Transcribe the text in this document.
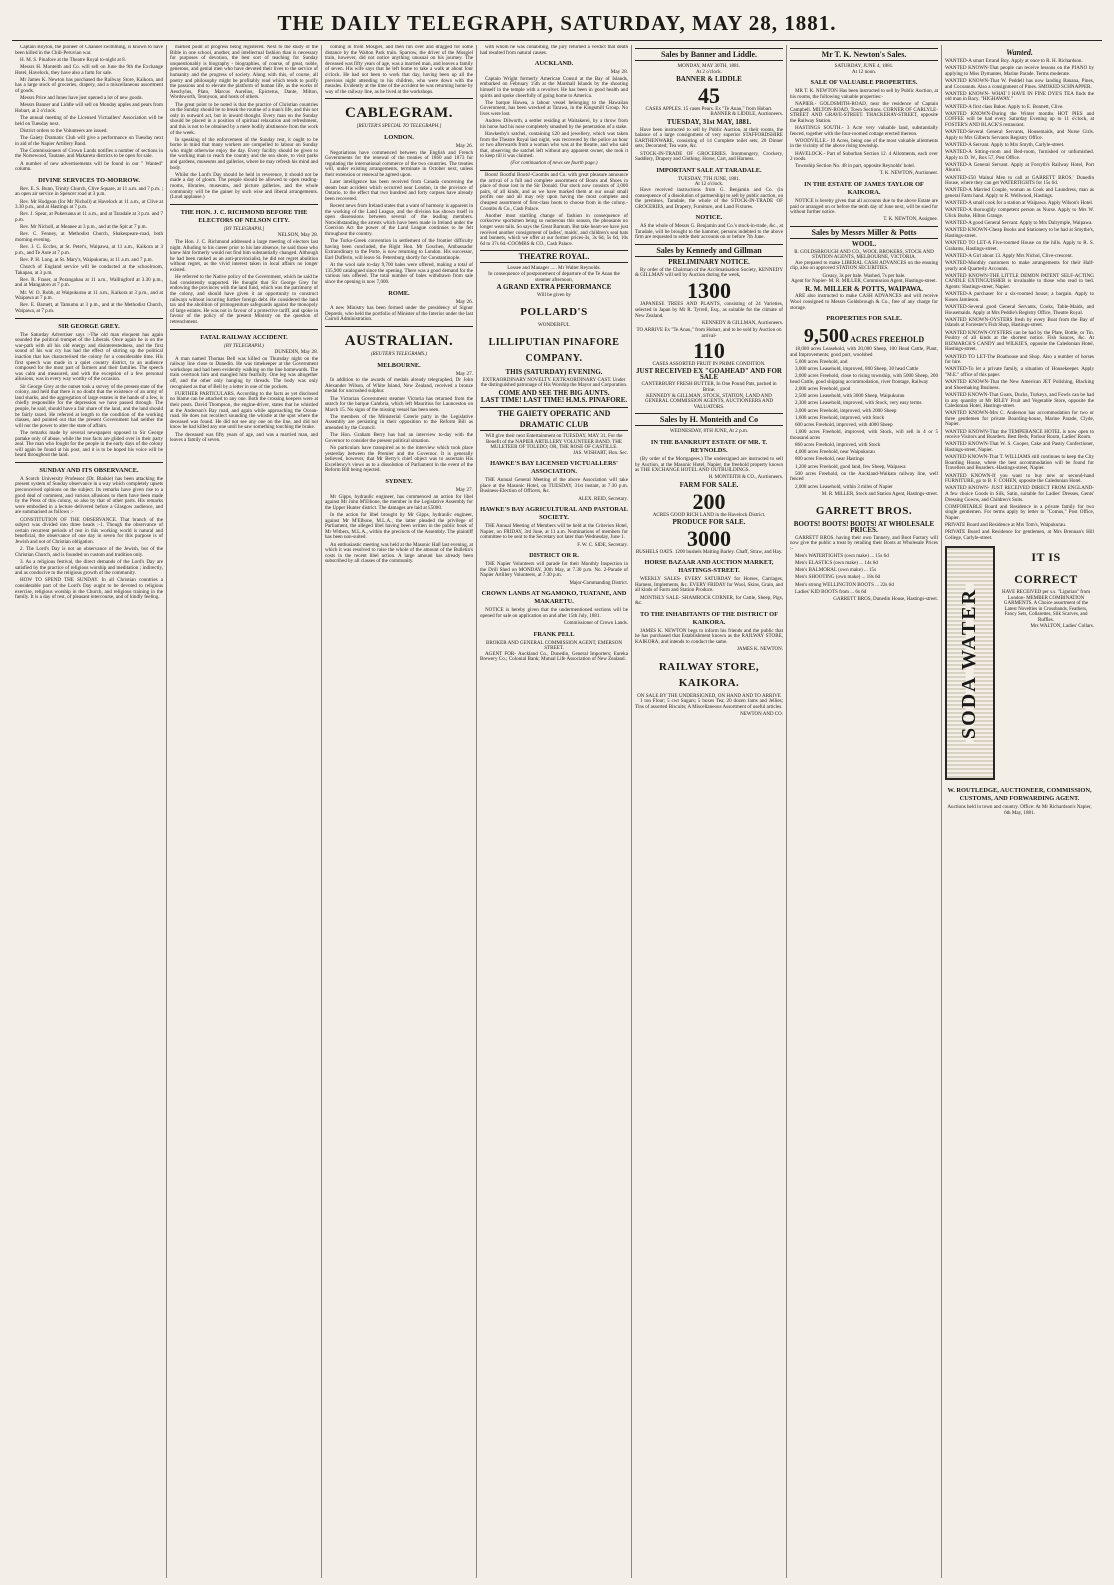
THE DAILY TELEGRAPH, SATURDAY, MAY 28, 1881.

Captain Boyton, the pioneer of Channel swimming, is known to have been killed in the Chili-Peruvian war.

H. M. S. Pinafore at the Theatre Royal to-night at 8.

Messrs H. Monteith and Co. will sell on June the 9th the Exchange Hotel, Havelock, they have also a farm for sale.

Mr James K. Newton has purchased the Railway Store, Kaikora, and has a large stock of groceries, drapery, and a miscellaneous assortment of goods.

Messrs Price and Innes have just opened a lot of new goods.

Messrs Banner and Liddle will sell on Monday apples and pears from Hobart, at 2 o'clock.

The annual meeting of the Licensed Victuallers' Association will be held on Tuesday next.

District orders to the Volunteers are issued.

The Gaiety Dramatic Club will give a performance on Tuesday next in aid of the Napier Artillery Band.

The Commissioners of Crown Lands notifies a number of sections in the Norsewood, Tautane, and Makaretu districts to be open for sale.

A number of new advertisements will be found in our " Wanted" column.

DIVINE SERVICES TO-MORROW.

Rev. E. S. Bunn, Trinity Church, Clive Square, at 11 a.m. and 7 p.m. ; an open air service in Spencer road at 3 p.m.

Rev. Mr Hodgson (for Mr Nicholl) at Havelock at 11 a.m., at Clive at 3.30 p.m., and at Hastings at 7 p.m.

Rev. J. Spear, at Pukeruana at 11 a.m., and at Taradale at 3 p.m. and 7 p.m.

Rev. Mr Nicholl, at Meanee at 3 p.m., and at the Spit at 7 p.m.

Rev. C. Fenney, at Methodist Church, Shakespeare-road, both morning evening.

Rev. J. C. Eccles, at St. Peter's, Waipawa, at 11 a.m., Kaikora at 3 p.m., and Te Aute at 7 p.m.

Rev. P. H. Long, at St. Mary's, Waipukurau, at 11 a.m. and 7 p.m.

Church of England service will be conducted at the schoolroom, Takapau, at 3 p.m.

Rev. R. Fraser, at Porangahau at 11 a.m., Wallingford at 3.30 p.m., and at Mangatoro at 7 p.m.

Mr. W. O. Robb, at Waipukurau at 11 a.m., Kaikora at 3 p.m., and at Waipawa at 7 p.m.

Rev. E. Barnett, at Tamumu at 3 p.m., and at the Methodist Church, Waipawa, at 7 p.m.

SIR GEORGE GREY.

The Saturday Advertiser says :-The old man eloquent has again sounded the political trumpet of the Liberals. Once again he is on the war-path with all his old energy and disinterestedness, and the first sound of his war cry has had the effect of stirring up the political inaction that has characterised the colony for a considerable time. His first speech was made in a quiet country district, to an audience composed for the most part of farmers and their families. The speech was calm and measured, and with the exception of a few personal allusions, was in every way worthy of the occasion.

Sir George Grey at the outset took a survey of the present state of the colony, and held that there is no doubt that the existence of an army of land sharks, and the aggregation of large estates in the hands of a few, is chiefly responsible for the depression we have passed through. The people, he said, should have a fair share of the land, and the land should be fairly taxed. He referred at length to the condition of the working classes, and pointed out that the present Government had neither the will nor the power to alter the state of affairs.

The remarks made by several newspapers opposed to Sir George partake only of abuse, while the true facts are glided over in their party zeal. The man who fought for the people in the early days of the colony will again be found at his post, and it is to be hoped his voice will be heard throughout the land.

SUNDAY AND ITS OBSERVANCE.

A Scotch University Professor (Dr. Blaikie) has been attacking the present system of Sunday observance in a way which completely upsets preconceived opinions on the subject. Its remarks have given rise to a good deal of comment, and various allusions to them have been made by the Press of this colony, so also by that of other parts. His remarks were embodied in a lecture delivered before a Glasgow audience, and are summarised as follows :-

CONSTITUTION OF THE OBSERVANCE. That branch of the subject was divided into three heads :-1. Though the observance of certain recurrent periods of rest in this working world is natural and beneficial, the observance of one day in seven for this purpose is of Jewish and not of Christian obligation.

2. The Lord's Day is not an observance of the Jewish, but of the Christian Church, and is founded on custom and tradition only.

3. As a religious festival, the direct demands of the Lord's Day are satisfied by the practice of religious worship and meditation ; indirectly, and as conducive to the religious growth of the community.

HOW TO SPEND THE SUNDAY. In all Christian countries a considerable part of the Lord's Day ought to be devoted to religious exercise, religious worship in the Church, and religious training in the family. It is a day of rest, of pleasant intercourse, and of kindly feeling.

marked point of progress being registered. Next to the study of the Bible in one school, another, and intellectual fashion than is necessary for purposes of devotion, the best sort of teaching for Sunday unquestionably is biography - biographies, of course, of great, noble, generous, and genial men who have devoted their lives to the service of humanity and the progress of society. Along with this, of course, all poetry and philosophy might be profitably read which tends to purify the passions and to elevate the platform of human life, as the works of Aeschylus, Plato, Marcus Aurelius, Epictetus, Dante, Milton, Wordsworth, Tennyson, and hosts of others.

The great point to be noted is that the practice of Christian countries on the Sunday should be to break the routine of a man's life, and this not only in outward act, but in inward thought. Every man on the Sunday should be placed in a position of spiritual relaxation and refreshment, and this is not to be obtained by a mere bodily abstinence from the work of the week.

In speaking of the enforcement of the Sunday rest, it ought to be borne in mind that many workers are compelled to labour on Sunday who might otherwise enjoy the day. Every facility should be given to the working man to reach the country and the sea shore, to visit parks and gardens, museums and galleries, where he may refresh his mind and body.

Whilst the Lord's Day should be held in reverence, it should not be made a day of gloom. The people should be allowed to open reading-rooms, libraries, museums, and picture galleries, and the whole community will be the gainer by such wise and liberal arrangements. (Loud applause.)

THE HON. J. C. RICHMOND BEFORE THE ELECTORS OF NELSON CITY.
[BY TELEGRAPH.]
NELSON, May 28.

The Hon. J. C. Richmond addressed a large meeting of electors last night. Alluding to his career prior to his late absence, he said those who knew him formerly would not find him substantially changed. Although he had been ranked as an anti-provincialist, he did not regret abolition without regret, as the vivid interest taken in local affairs no longer existed.

He referred to the Native policy of the Government, which he said he had consistently supported. He thought that Sir George Grey for endowing the provinces with the land fund, which was the patrimony of the colony, and should have given it an opportunity to construct railways without incurring further foreign debt. He considered the land tax and the abolition of primogeniture safeguards against the monopoly of large estates. He was not in favour of a protective tariff, and spoke in favour of the policy of the present Ministry on the question of retrenchment.

FATAL RAILWAY ACCIDENT.
(BY TELEGRAPH.)
DUNEDIN, May 28.

A man named Thomas Bell was killed on Thursday night on the railway line close to Dunedin. He was timekeeper at the Government workshops and had been evidently walking on the line homewards. The train overtook him and mangled him fearfully. One leg was altogether off, and the other only hanging by threads. The body was only recognised as that of Bell by a letter in one of the pockets.

FURTHER PARTICULARS. According to the facts as yet disclosed no blame can be attached to any one. Both the crossing keepers were at their posts. David Thompson, the engine-driver, states that he whistled at the Anderson's Bay road, and again while approaching the Ocean-road. He does not recollect sounding the whistle at the spot where the deceased was found. He did not see any one on the line, and did not know he had killed any one until he saw something touching the brake.

The deceased was fifty years of age, and was a married man, and leaves a family of seven.

coming in from Mosgiel, and then run over and dragged for some distance by the Walton Park train. Sparrow, the driver of the Mosgiel train, however, did not notice anything unusual on his journey. The deceased was fifty years of age, was a married man, and leaves a family of seven. His wife says that he left home to take a walk at about four o'clock. He had not been to work that day, having been up all the previous night attending to his children, who were down with the measles. Evidently at the time of the accident he was returning home by way of the railway line, as he lived at the workshops.

CABLEGRAM.
[REUTER'S SPECIAL TO TELEGRAPH.]
LONDON.
May 26.

Negotiations have commenced between the English and French Governments for the renewal of the treaties of 1860 and 1873 for regulating the international commerce of the two countries. The treaties will, under existing arrangements, terminate in October next, unless their extension or renewal be agreed upon.

Later intelligence has been received from Canada concerning the steam boat accident which occurred near London, in the province of Ontario, to the effect that two hundred and forty corpses have already been recovered.

Recent news from Ireland states that a want of harmony is apparent in the working of the Land League, and the division has shown itself in open dissensions between several of the leading members. Notwithstanding the arrests which have been made in Ireland under the Coercion Act the power of the Land League continues to be felt throughout the country.

The Turko-Greek convention in settlement of the frontier difficulty having been concluded, the Right Hon. Mr Goschen, Ambassador Extraordinary to the Porte, is now returning to London. His successor, Earl Dufferin, will leave St. Petersburg shortly for Constantinople.

At the wool sale to-day 9,700 bales were offered, making a total of 135,900 catalogued since the opening. There was a good demand for the various lots offered. The total number of bales withdrawn from sale since the opening is now 7,000.

ROME.
May 26.

A new Ministry has been formed under the presidency of Signor Depretis, who held the portfolio of Minister of the Interior under the last Cairoli Administration.

AUSTRALIAN.
(REUTER'S TELEGRAMS.)
MELBOURNE.
May 27.

In addition to the awards of medals already telegraphed, Dr John Alexander Wilson, of White Island, New Zealand, received a bronze medal for uncrushed sulphur.

The Victorian Government steamer Victoria has returned from the search for the barque Cambria, which left Mauritius for Launceston on March 15. No signs of the missing vessel has been seen.

The members of the Ministerial Coterie party in the Legislative Assembly are persisting in their opposition to the Reform Bill as amended by the Council.

The Hon. Graham Berry has had an interview to-day with the Governor to consider the present political situation.

No particulars have transpired as to the interview which took place yesterday between the Premier and the Governor. It is generally believed, however, that Mr Berry's chief object was to ascertain His Excellency's views as to a dissolution of Parliament in the event of the Reform Bill being rejected.

SYDNEY.
May 27.

Mr Gipps, hydraulic engineer, has commenced an action for libel against Mr John M'Elhone, the member in the Legislative Assembly for the Upper Hunter district. The damages are laid at £5000.

In the action for libel brought by Mr Gipps, hydraulic engineer, against Mr M'Elhone, M.L.A., the latter pleaded the privilege of Parliament, the alleged libel having been written in the public book of Mr Withers, M.L.A., within the precincts of the Assembly. The plaintiff has been non-suited.

An enthusiastic meeting was held at the Masonic Hall last evening, at which it was resolved to raise the whole of the amount of the Bulletin's costs in the recent libel action. A large amount has already been subscribed by all classes of the community.

with whom he was cohabiting, the jury returned a verdict that death had resulted from natural causes.

AUCKLAND.
May 28.

Captain Wright formerly American Consul at the Bay of Islands, embarked on February 15th at the Marshall Islands by the shooting himself in the temple with a revolver. He has been in good health and spirits and spoke cheerfully of going home to America.

The barque Hawea, a labour vessel belonging to the Hawaiian Government, has been wrecked at Tarawa, in the Kingsmill Group. No lives were lost.

Andrew Dilworth, a settler residing at Waitakerei, by a throw from his horse had his nose completely smashed by the penetration of a stake.

Hawkesby's satchel, containing £20 and jewellery, which was taken from the Theatre Royal last night, was recovered by the police an hour or two afterwards from a woman who was at the theatre, and who said that, observing the satchel left without any apparent owner, she took it to keep till it was claimed.

(For continuation of news see fourth page.)

Boots! Bootful Boots!-Coombs and Co. with great pleasure announce the arrival of a full and complete assortment of Boots and Shoes in place of those lost in the Sir Donald. Our stock now consists of 3,000 pairs, of all kinds, and as we have marked them at our usual small profits one and all may rely upon having the most complete and cheapest assortment of first-class boots to choose from in the colony.-Coombs & Co., Cash Palace.

Another most startling change of fashion in consequence of corkscrew sportsmen being so numerous this season, the pheasants no longer wear tails. So says the Great Barnum. But take heart-we have just received another consignment of ladies', maids', and children's seal hats and bonnets, which we offer at our former prices-3s, 3s 6d, 5s 6d, 10s 6d to 37s 6d.-COOMBS & CO., Cash Palace.

THEATRE ROYAL.
Lessee and Manager ..... Mr Walter Reynolds.
In consequence of postponement of departure of the Te Anau the steamer afternoon,
A GRAND EXTRA PERFORMANCE
Will be given by
POLLARD'S
WONDERFUL
LILLIPUTIAN PINAFORE COMPANY.
THIS (SATURDAY) EVENING.
EXTRAORDINARY NOVELTY. EXTRAORDINARY CAST. Under the distinguished patronage of His Worship the Mayor and Corporation.
COME AND SEE THE BIG AUNTS.
LAST TIME! LAST TIME! H.M.S. PINAFORE.
THE GAIETY OPERATIC AND DRAMATIC CLUB
Will give their next Entertainment on TUESDAY, MAY 31, For the Benefit of the NAPIER ARTILLERY VOLUNTEER BAND. THE MULETEER OF TOLEDO; OR, THE ROSE OF CASTILLE.
JAS. WISHART, Hon. Sec.
HAWKE'S BAY LICENSED VICTUALLERS' ASSOCIATION.

THE Annual General Meeting of the above Association will take place at the Masonic Hotel, on TUESDAY, 31st instant, at 7.30 p.m. Business-Election of Officers, &c.

ALEX. REID, Secretary.
HAWKE'S BAY AGRICULTURAL AND PASTORAL SOCIETY.

THE Annual Meeting of Members will be held at the Criterion Hotel, Napier, on FRIDAY, 3rd June, at 11 a.m. Nominations of members for committee to be sent to the Secretary not later than Wednesday, June 1.

F. W. C. SIDE, Secretary.
DISTRICT OR R.

THE Napier Volunteers will parade for their Monthly Inspection in the Drill Shed on MONDAY, 30th May, at 7.30 p.m. No. 2-Parade of Napier Artillery Volunteers, at 7.30 p.m.

Major-Commanding District.
CROWN LANDS AT NGAMOKO, TUATANE, AND MAKARETU.

NOTICE is hereby given that the undermentioned sections will be opened for sale on application on and after 15th July, 1881.

Commissioner of Crown Lands.
FRANK PELL
BROKER AND GENERAL COMMISSION AGENT, EMERSON STREET.

AGENT FOR- Auckland Co., Dunedin, General Importers; Eureka Brewery Co.; Colonial Bank; Mutual Life Association of New Zealand.

Sales by Banner and Liddle.
MONDAY, MAY 30TH, 1881.
At 2 o'clock.
BANNER & LIDDLE
45
CASES APPLES. 15 cases Pears. Ex "Te Anau," from Hobart.
BANNER & LIDDLE, Auctioneers.
TUESDAY, 31st MAY, 1881.

Have been instructed to sell by Public Auction, at their rooms, the balance of a large consignment of very superior STAFFORDSHIRE EARTHENWARE, consisting of 14 Complete toilet sets; 20 Dinner sets; Decorated; Tea ware, &c.

STOCK-IN-TRADE OF GROCERIES. Ironmongery, Crockery, Saddlery, Drapery and Clothing. Horse, Cart, and Harness.

IMPORTANT SALE AT TARADALE.
TUESDAY, 7TH JUNE, 1881.
At 12 o'clock.

Have received instructions from G. Benjamin and Co. (in consequence of a dissolution of partnership) to sell by public auction, on the premises, Taradale, the whole of the STOCK-IN-TRADE OF GROCERIES, and Drapery, Furniture, and Land Fixtures.

NOTICE.

AS the whole of Messrs G. Benjamin and Co.'s stock-in-trade, &c., at Taradale, will be brought to the hammer, persons indebted to the above firm are requested to settle their accounts on or before 7th June.

Sales by Kennedy and Gillman
PRELIMINARY NOTICE.

By order of the Chairman of the Acclimatisation Society, KENNEDY & GILLMAN will sell by Auction during the week,

1300

JAPANESE TREES AND PLANTS, consisting of 24 Varieties, selected in Japan by Mr R. Tyrrell, Esq., as suitable for the climate of New Zealand.

KENNEDY & GILLMAN, Auctioneers.
TO ARRIVE Ex "Te Anau," from Hobart, and to be sold by Auction on arrival-
110
CASES ASSORTED FRUIT IN PRIME CONDITION.
JUST RECEIVED EX "GOAHEAD" AND FOR SALE
CANTERBURY FRESH BUTTER, In One Pound Pats, packed in Brine.
KENNEDY & GILLMAN, STOCK, STATION, LAND AND GENERAL COMMISSION AGENTS, AUCTIONEERS AND VALUATORS.
Sales by H. Monteith and Co
WEDNESDAY, 8TH JUNE, At 2 p.m.
IN THE BANKRUPT ESTATE OF MR. T. REYNOLDS.

(By order of the Mortgagees.) The undersigned are instructed to sell by Auction, at the Masonic Hotel, Napier, the freehold property known as THE EXCHANGE HOTEL AND OUTBUILDINGS.

H. MONTEITH & CO., Auctioneers.
FARM FOR SALE.
200
ACRES GOOD RICH LAND in the Havelock District.
PRODUCE FOR SALE.
3000
BUSHELS OATS. 1200 bushels Malting Barley. Chaff, Straw, and Hay.
HORSE BAZAAR AND AUCTION MARKET, HASTINGS-STREET.

WEEKLY SALES- EVERY SATURDAY for Horses, Carriages, Harness, Implements, &c. EVERY FRIDAY for Wool, Skins, Grain, and all kinds of Farm and Station Produce.

MONTHLY SALE- SHAMROCK CORNER, for Cattle, Sheep, Pigs, &c.

TO THE INHABITANTS OF THE DISTRICT OF KAIKORA.

JAMES K. NEWTON begs to inform his friends and the public that he has purchased that Establishment known as the RAILWAY STORE, KAIKORA, and intends to conduct the same.

JAMES K. NEWTON.
RAILWAY STORE, KAIKORA.
ON SALE BY THE UNDERSIGNED, ON HAND AND TO ARRIVE

1 ton Flour; 5 cwt Sugars; 5 boxes Tea; 20 dozen Jams and Jellies; Tins of assorted Biscuits; A Miscellaneous Assortment of useful articles.

NEWTON AND CO.
Mr T. K. Newton's Sales.
SATURDAY, JUNE 4, 1881.
At 12 noon.
SALE OF VALUABLE PROPERTIES.

MR T. K. NEWTON Has been instructed to sell by Public Auction, at his rooms, the following valuable properties:-

NAPIER.- GOLDSMITH-ROAD, near the residence of Captain Campbell. MILTON-ROAD, Town Sections. CORNER OF CARLYLE-STREET AND GRAVE-STREET. THACKERAY-STREET, opposite the Railway Station.

HASTINGS SOUTH.- 3 Acre very valuable land, substantially fenced, together with the four-roomed cottage erected thereon.

WOODVILLE.- 10 Acres, being one of the most valuable allotments in the vicinity of the above rising township.

HAVELOCK.- Part of Suburban Section 12. 4 Allotments, each over 2 roods.

Township Section No. 48 in part, opposite Reynolds' hotel.

T. K. NEWTON, Auctioneer.
IN THE ESTATE OF JAMES TAYLOR OF KAIKORA.

NOTICE is hereby given that all accounts due to the above Estate are paid or arranged on or before the tenth day of June next, will be sued for without further notice.

T. K. NEWTON, Assignee.
Sales by Messrs Miller & Potts
WOOL.
R. GOLDSBROUGH AND CO., WOOL BROKERS, STOCK AND STATION AGENTS, MELBOURNE, VICTORIA.

Are prepared to make LIBERAL CASH ADVANCES on the ensuing clip, also on approved STATION SECURITIES.

Greasy, 3s per bale. Washed, 7s per bale.
Agent for Napier- M. R. MILLER, Commission Agent, Hastings-street.
R. M. MILLER & POTTS, WAIPAWA.

ARE also instructed to make CASH ADVANCES and will receive Wool consigned to Messrs Goldsbrough & Co., free of any charge for storage.

PROPERTIES FOR SALE.
9,500 ACRES FREEHOLD

18,000 acres Leasehold, with 20,000 Sheep, 100 Head Cattle, Plant, and Improvements; good port, woolshed

5,000 acres Freehold, and

3,000 acres Leasehold, improved, 800 Sheep, 30 head Cattle

2,000 acres Freehold, close to rising township, with 5000 Sheep, 200 head Cattle, good shipping accommodation, river frontage, Railway

2,000 acres Freehold, good

2,500 acres Leasehold, with 3000 Sheep, Waipukurau

2,300 acres Leasehold, improved, with Stock, very easy terms

3,000 acres Freehold, improved, with 2000 Sheep

1,600 acres Freehold, improved, with Stock

600 acres Freehold, improved, with 4000 Sheep

1,000 acres Freehold, improved, with Stock, will sell in 4 or 5 thousand acres

860 acres Freehold, improved, with Stock

4,000 acres Freehold, near Waipukurau

800 acres Freehold, near Hastings

1,200 acres Freehold, good land, few Sheep, Waipawa

500 acres Freehold, on the Auckland-Waikato railway line, well fenced

2,000 acres Leasehold, within 3 miles of Napier

M. R. MILLER, Stock and Station Agent, Hastings-street.
GARRETT BROS.
BOOTS! BOOTS! BOOTS! AT WHOLESALE PRICES.

GARRETT BROS. having their own Tannery, and Boot Factory will now give the public a treat by retailing their Boots at Wholesale Prices :-

Men's WATERTIGHTS (own make) ... 15s 6d

Men's ELASTICS (own make) ... 14s 6d

Men's BALMORAL (own make) ... 15s

Men's SHOOTING (own make) ... 18s 6d

Men's strong WELLINGTON BOOTS ... 22s 6d

Ladies' KID BOOTS from ... 6s 6d

GARRETT BROS, Dunedin House, Hastings-street.
Wanted.

WANTED-A smart Errand Boy. Apply at once to R. H. Richardson.

WANTED KNOWN-That people can receive lessons on the PIANO by applying to Miss Dymantes, Marine Parade. Terms moderate.

WANTED KNOWN-That W. Peddell has now landing Banana, Pines, and Cocoanuts. Also a consignment of Pines. SMOKED SCHNAPPER.

WANTED KNOWN- WHAT I HAVE IN FINE DYE'S TEA finds the old man in Bacy. "HIGHAWAY."

WANTED-A first class Baker. Apply to E. Bonnett, Clive.

WANTED KNOWN-During the Winter months HOT PIES and COFFEE will be had every Saturday Evening up to 11 o'clock, at FOSTER'S AND BLACK'S restaurant.

WANTED-Several General Servants, Housemaids, and Nurse Girls. Apply to Mrs Gilberts Servants Registry Office.

WANTED-A Servant. Apply to Mrs Smyth, Carlyle-street.

WANTED-A Sitting-room and Bed-room, furnished or unfurnished. Apply to D. W., Box 57, Post Office.

WANTED-A General Servant. Apply at Forsyth's Railway Hotel, Port Ahuriri.

WANTED-£50 Wainui Men to call at GARRETT BROS.' Dunedin House, where they can get WATERTIGHTS for 15s 6d.

WANTED-A Married Couple, woman as Cook and Laundress, man as general Farm hand. Apply to R. Wellwood, Hastings.

WANTED-A small cook for a station at Waipawa. Apply Wilson's Hotel.

WANTED-A thoroughly competent person as Nurse. Apply to Mrs W. Ulick Burke, Hilton Grange.

WANTED-A good General Servant. Apply to Mrs Dalrymple, Waipawa.

WANTED KNOWN-Cheap Books and Stationery to be had at Smythe's, Hastings-street.

WANTED TO LET-A Five-roomed House on the hills. Apply to R. S. Grahams, Hastings-street.

WANTED-A Girl about 13. Apply Mrs Nichol, Clive-crescent.

WANTED-Monthly customers to make arrangements for their Half-yearly and Quarterly Accounts.

WANTED KNOWN-THE LITTLE DEMON PATENT SELF-ACTING CANDLE EXTINGUISHER is invaluable to those who read in bed. Agents: Hastings-street, Napier.

WANTED-A purchaser for a six-roomed house; a bargain. Apply to Kosen Jamieson.

WANTED-Several good General Servants, Cooks, Table-Maids, and Housemaids. Apply at Mrs Peddie's Registry Office, Theatre Royal.

WANTED KNOWN-OYSTERS fresh by every Boat from the Bay of Islands at Forrester's Fish Shop, Hastings-street.

WANTED KNOWN-OYSTERS can be had by the Plate, Bottle, or Tin. Poultry of all kinds at the shortest notice. Fish Sauces, &c. At BIZMARCK'S CANDY and WILKIE'S, opposite the Caledonian Hotel, Hastings-street.

WANTED TO LET-The Boathouse and Shop. Also a number of horses for hire.

WANTED-To let a private family, a situation of Housekeeper. Apply "M.E." office of this paper.

WANTED KNOWN-That the New American JET Polishing, Blacking and Shoemaking Business.

WANTED KNOWN-That Goats, Ducks, Turkeys, and Fowls can be had in any quantity at Mr RILEY Fruit and Vegetable Store, opposite the Caledonian Hotel, Hastings-street.

WANTED KNOWN-Mrs C. Anderson has accommodation for two or three gentlemen for private Boarding-house, Marine Parade, Clyde, Napier.

WANTED KNOWN-That the TEMPERANCE HOTEL is now open to receive Visitors and Boarders. Best Beds, Parlour Room, Ladies' Room.

WANTED KNOWN-That W. S. Cooper, Cake and Pastry Confectioner, Hastings-street, Napier.

WANTED KNOWN-That T. WILLIAMS still continues to keep the City Boarding House, where the best accommodation will be found for Travellers and Boarders.-Hastings-street, Napier.

WANTED KNOWN-If you want to buy new or second-hand FURNITURE, go to B. F. COHEN, opposite the Caledonian Hotel.

WANTED KNOWN- JUST RECEIVED DIRECT FROM ENGLAND- A few choice Goods in Silk, Satin, suitable for Ladies' Dresses, Gents' Dressing Gowns, and Children's Suits.

COMFORTABLE Board and Residence in a private family for two single gentlemen. For terms apply by letter to "Comus," Post Office, Napier.

PRIVATE Board and Residence at Mrs Tom's, Waipukurau.

PRIVATE Board and Residence for gentlemen, at Mrs Brennan's Hill College, Carlyle-street.

SODA WATER
IT IS
CORRECT
HAVE RECEIVED per s.s. "Ligurian" from London- MEMBER COMBINATION GARMENTS. A Choice assortment of the Latest Novelties in Crossbands, Feathers, Fancy Sets, Collarettes, Silk Scarves, and Ruffles.
Mrs WALTON, Ladies' Collars.
W. ROUTLEDGE, AUCTIONEER, COMMISSION, CUSTOMS, AND FORWARDING AGENT.
Auctions held in town and country. Office: At Mr Richardson's Napier, 6th May, 1881.
